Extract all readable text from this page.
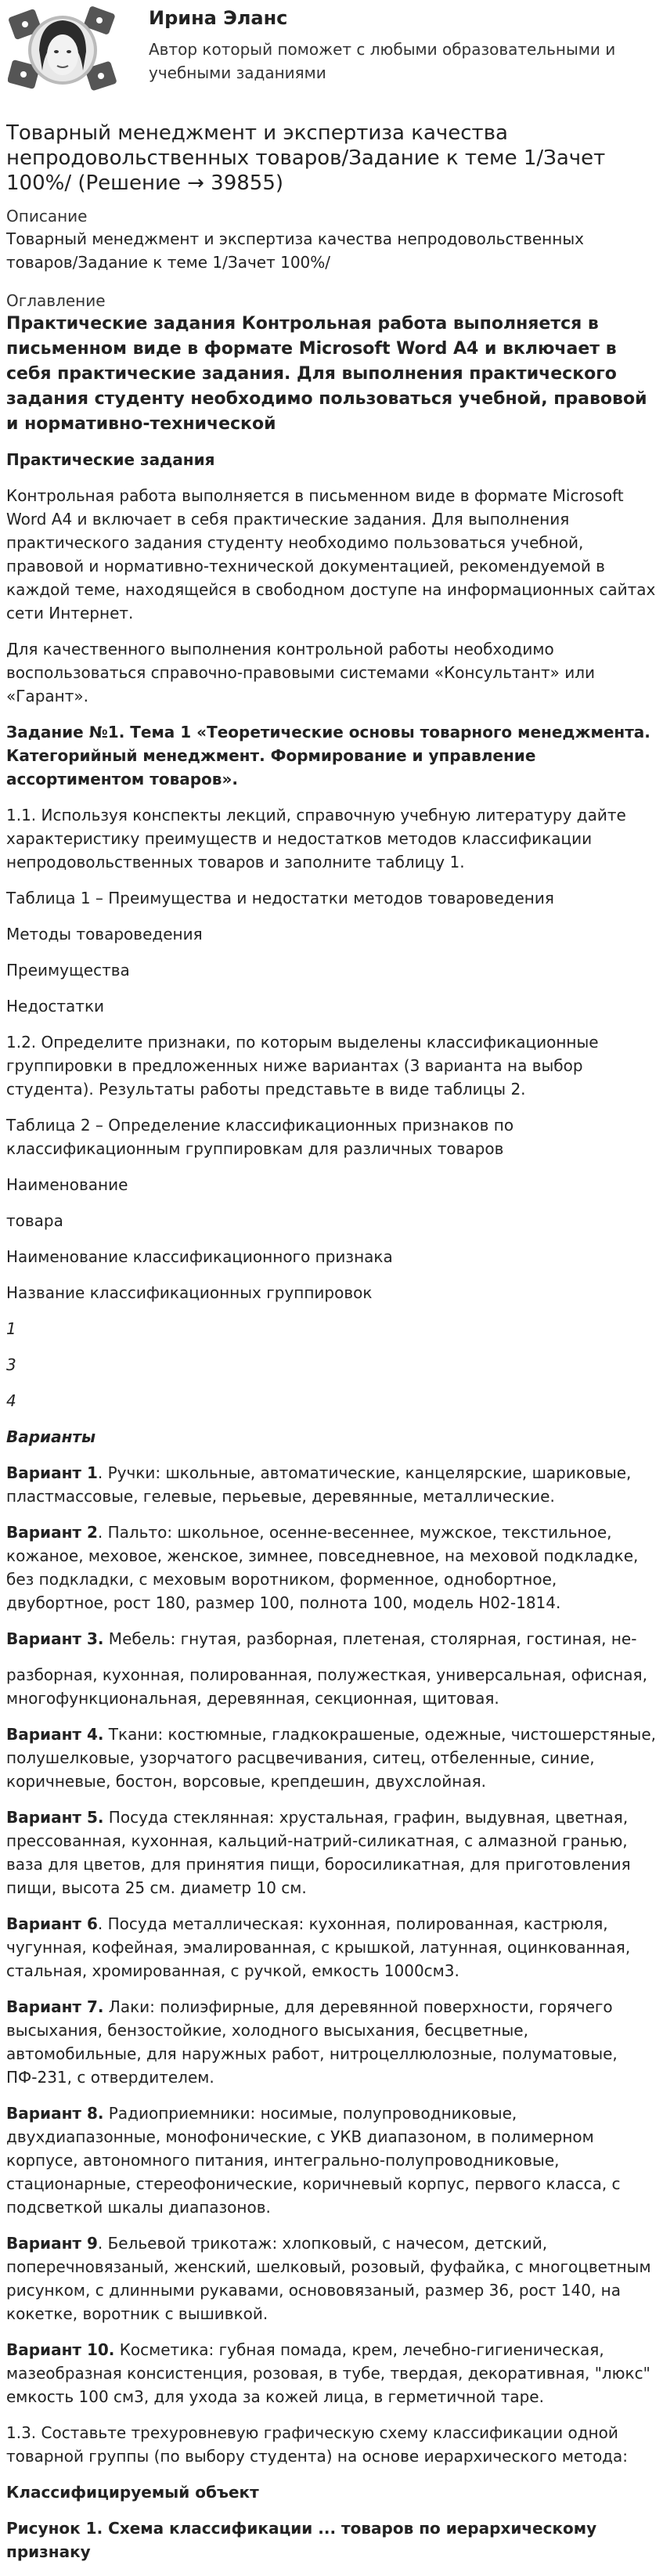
Ирина Эланс
Автор который поможет с любыми образовательными и учебными заданиями
Товарный менеджмент и экспертиза качества непродовольственных товаров/Задание к теме 1/Зачет 100%/ (Решение → 39855)
Описание
Товарный менеджмент и экспертиза качества непродовольственных товаров/Задание к теме 1/Зачет 100%/
Оглавление
Практические задания Контрольная работа выполняется в письменном виде в формате Microsoft Word A4 и включает в себя практические задания. Для выполнения практического задания студенту необходимо пользоваться учебной, правовой и нормативно-технической

Практические задания

Контрольная работа выполняется в письменном виде в формате Microsoft Word A4 и включает в себя практические задания. Для выполнения практического задания студенту необходимо пользоваться учебной, правовой и нормативно-технической документацией, рекомендуемой в каждой теме, находящейся в свободном доступе на информационных сайтах сети Интернет.

Для качественного выполнения контрольной работы необходимо воспользоваться справочно-правовыми системами «Консультант» или «Гарант».

Задание №1. Тема 1 «Теоретические основы товарного менеджмента. Категорийный менеджмент. Формирование и управление ассортиментом товаров».

1.1. Используя конспекты лекций, справочную учебную литературу дайте характеристику преимуществ и недостатков методов классификации непродовольственных товаров и заполните таблицу 1.

Таблица 1 – Преимущества и недостатки методов товароведения

Методы товароведения

Преимущества

Недостатки

1.2. Определите признаки, по которым выделены классификационные группировки в предложенных ниже вариантах (3 варианта на выбор студента). Результаты работы представьте в виде таблицы 2.

Таблица 2 – Определение классификационных признаков по классификационным группировкам для различных товаров

Наименование

товара

Наименование классификационного признака

Название классификационных группировок

1

3

4

Варианты

Вариант 1. Ручки: школьные, автоматические, канцелярские, шариковые, пластмассовые, гелевые, перьевые, деревянные, металлические.

Вариант 2. Пальто: школьное, осенне-весеннее, мужское, текстильное, кожаное, меховое, женское, зимнее, повседневное, на меховой подкладке, без подкладки, с меховым воротником, форменное, однобортное, двубортное, рост 180, размер 100, полнота 100, модель Н02-1814.

Вариант 3. Мебель: гнутая, разборная, плетеная, столярная, гостиная, не-

разборная, кухонная, полированная, полужесткая, универсальная, офисная, многофункциональная, деревянная, секционная, щитовая.

Вариант 4. Ткани: костюмные, гладкокрашеные, одежные, чистошерстяные, полушелковые, узорчатого расцвечивания, ситец, отбеленные, синие, коричневые, бостон, ворсовые, крепдешин, двухслойная.

Вариант 5. Посуда стеклянная: хрустальная, графин, выдувная, цветная, прессованная, кухонная, кальций-натрий-силикатная, с алмазной гранью, ваза для цветов, для принятия пищи, боросиликатная, для приготовления пищи, высота 25 см. диаметр 10 см.

Вариант 6. Посуда металлическая: кухонная, полированная, кастрюля, чугунная, кофейная, эмалированная, с крышкой, латунная, оцинкованная, стальная, хромированная, с ручкой, емкость 1000см3.

Вариант 7. Лаки: полиэфирные, для деревянной поверхности, горячего высыхания, бензостойкие, холодного высыхания, бесцветные, автомобильные, для наружных работ, нитроцеллюлозные, полуматовые, ПФ-231, с отвердителем.

Вариант 8. Радиоприемники: носимые, полупроводниковые, двухдиапазонные, монофонические, с УКВ диапазоном, в полимерном корпусе, автономного питания, интегрально-полупроводниковые, стационарные, стереофонические, коричневый корпус, первого класса, с подсветкой шкалы диапазонов.

Вариант 9. Бельевой трикотаж: хлопковый, с начесом, детский, поперечновязаный, женский, шелковый, розовый, фуфайка, с многоцветным рисунком, с длинными рукавами, основовязаный, размер 36, рост 140, на кокетке, воротник с вышивкой.

Вариант 10. Косметика: губная помада, крем, лечебно-гигиеническая, мазеобразная консистенция, розовая, в тубе, твердая, декоративная, "люкс" емкость 100 см3, для ухода за кожей лица, в герметичной таре.

1.3. Составьте трехуровневую графическую схему классификации одной товарной группы (по выбору студента) на основе иерархического метода:

Классифицируемый объект

Рисунок 1. Схема классификации ... товаров по иерархическому признаку
